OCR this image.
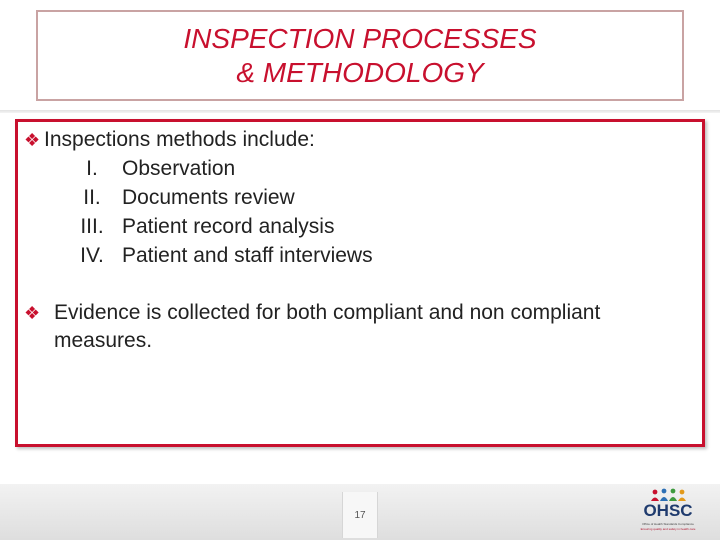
INSPECTION PROCESSES
& METHODOLOGY
❖ Inspections methods include:
I.	Observation
II.	Documents review
III. Patient record analysis
IV. Patient and staff interviews
❖ Evidence is collected for both compliant and non compliant
measures.
17	OHSC
Office of Health Standards Compliance
Ensuring quality and safety in health care
